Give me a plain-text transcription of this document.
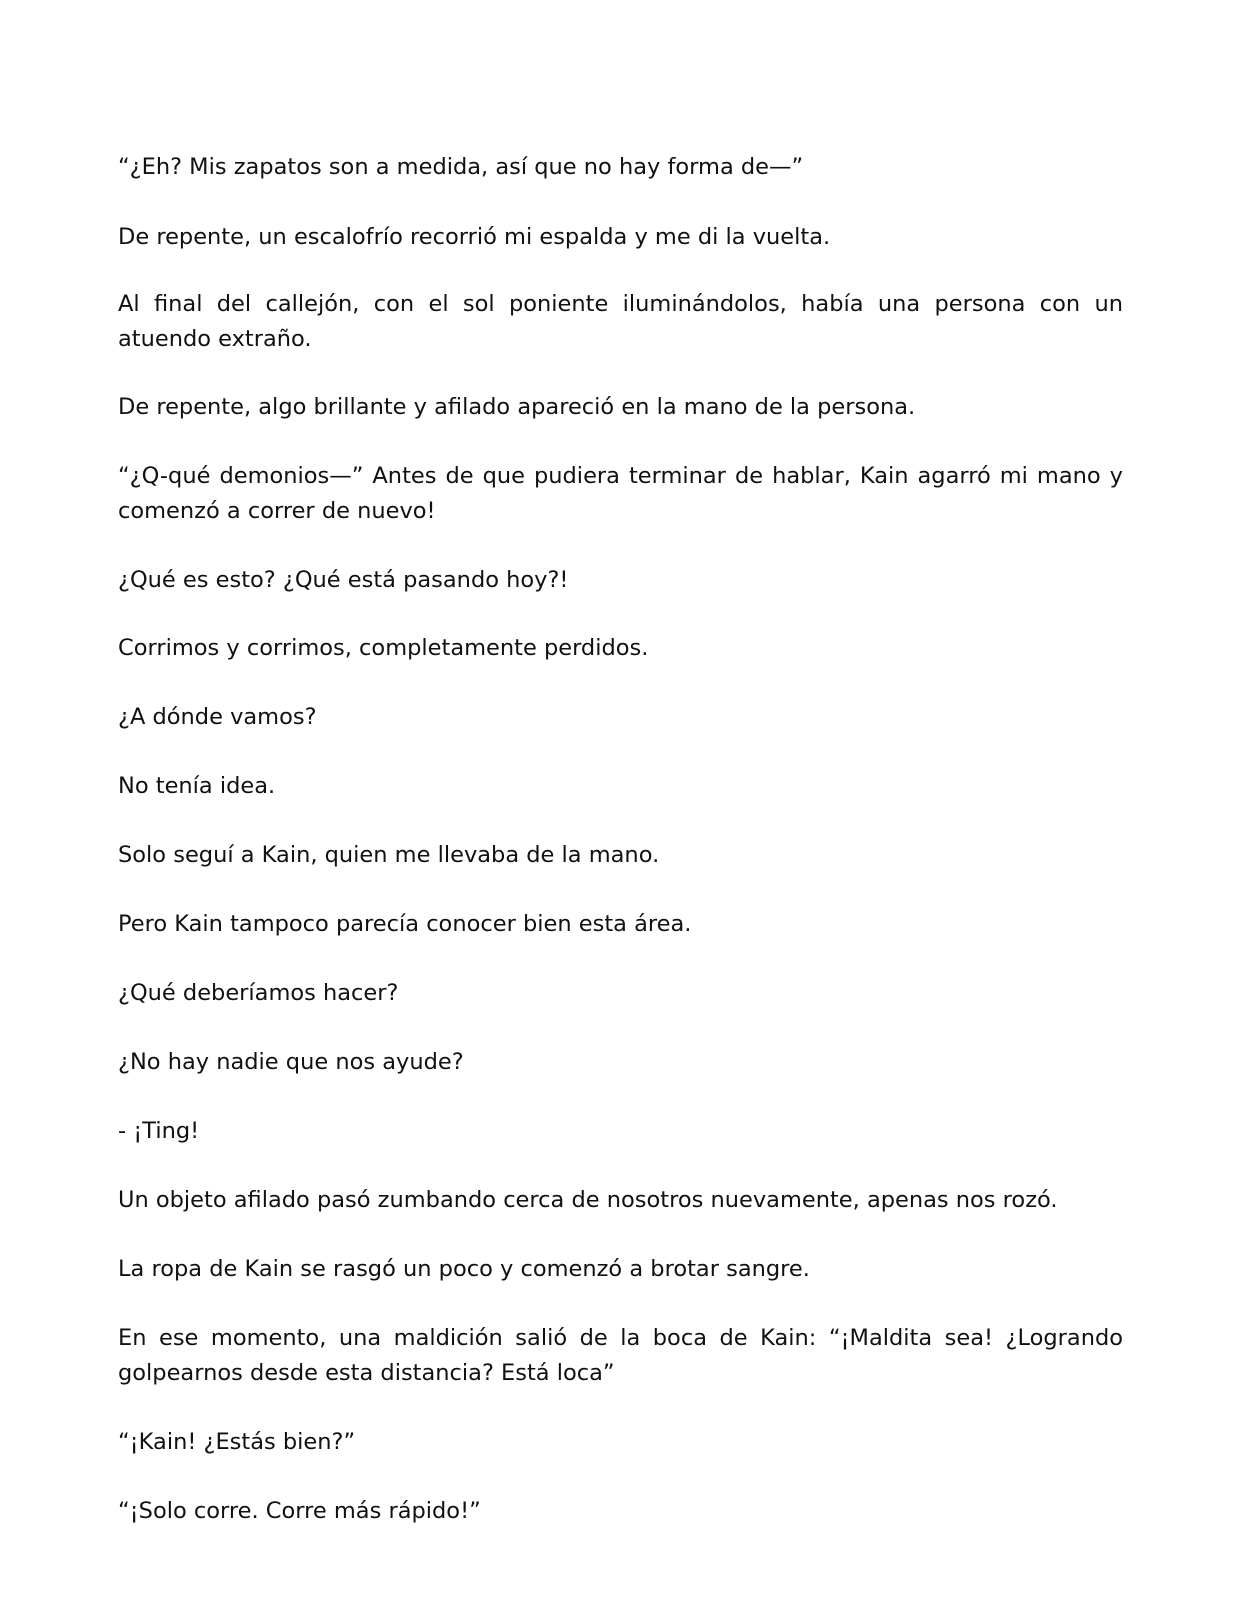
“¿Eh? Mis zapatos son a medida, así que no hay forma de—”

De repente, un escalofrío recorrió mi espalda y me di la vuelta.

Al final del callejón, con el sol poniente iluminándolos, había una persona con un atuendo extraño.

De repente, algo brillante y afilado apareció en la mano de la persona.

“¿Q-qué demonios—” Antes de que pudiera terminar de hablar, Kain agarró mi mano y comenzó a correr de nuevo!

¿Qué es esto? ¿Qué está pasando hoy?!

Corrimos y corrimos, completamente perdidos.

¿A dónde vamos?

No tenía idea.

Solo seguí a Kain, quien me llevaba de la mano.

Pero Kain tampoco parecía conocer bien esta área.

¿Qué deberíamos hacer?

¿No hay nadie que nos ayude?

- ¡Ting!

Un objeto afilado pasó zumbando cerca de nosotros nuevamente, apenas nos rozó.

La ropa de Kain se rasgó un poco y comenzó a brotar sangre.

En ese momento, una maldición salió de la boca de Kain: “¡Maldita sea! ¿Logrando golpearnos desde esta distancia? Está loca”

“¡Kain! ¿Estás bien?”

“¡Solo corre. Corre más rápido!”
